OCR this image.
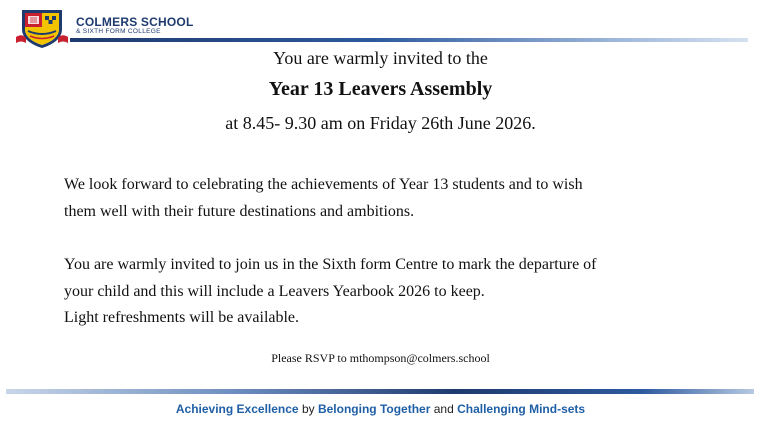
COLMERS SCHOOL
& SIXTH FORM COLLEGE
You are warmly invited to the
Year 13 Leavers Assembly
at 8.45- 9.30 am on Friday 26th June 2026.
We look forward to celebrating the achievements of Year 13 students and to wish
them well with their future destinations and ambitions.
You are warmly invited to join us in the Sixth form Centre to mark the departure of
your child and this will include a Leavers Yearbook 2026 to keep.
Light refreshments will be available.
Please RSVP to mthompson@colmers.school
Achieving Excellence by Belonging Together and Challenging Mind-sets
